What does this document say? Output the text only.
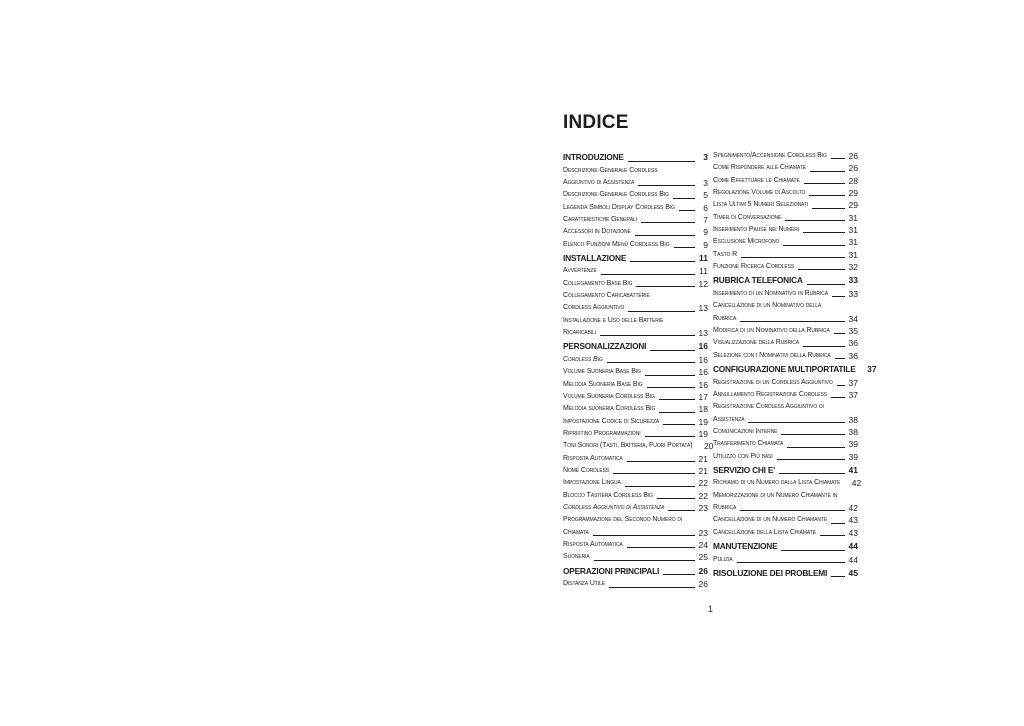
INDICE
INTRODUZIONE	3
Descrizione Generale Cordless
Aggiuntivo di Assistenza	3
Descrizione Generale Cordless Big	5
Legenda Simboli Display Cordless Big	6
Caratteristiche Generali	7
Accessori in Dotazione	9
Elenco Funzioni Menù Cordless Big	9
INSTALLAZIONE	11
Avvertenze	11
Collegamento Base Big	12
Collegamento Caricabatterie
Cordless Aggiuntivo	13
Installazione e Uso delle Batterie
Ricaricabili	13
PERSONALIZZAZIONI	16
Cordless Big	16
Volume Suoneria Base Big	16
Melodia Suoneria Base Big	16
Volume Suoneria Cordless Big	17
Melodia suoneria Cordless Big	18
Impostazione Codice di Sicurezza	19
Ripristino Programmazioni	19
Toni Sonori (Tasti, Batteria, Fuori Portata) 20
Risposta Automatica	21
Nome Cordless	21
Impostazione Lingua	22
Blocco Tastiera Cordless Big	22
Cordless Aggiuntivo di Assistenza	23
Programmazione del Secondo Numero di
Chiamata	23
Risposta Automatica	24
Suoneria	25
OPERAZIONI PRINCIPALI	26
Distanza Utile	26
Spegnimento/Accensione Cordless Big	26
Come Rispondere alle Chiamate	26
Come Effettuare le Chiamate	28
Regolazione Volume di Ascolto	29
Lista Ultimi 5 Numeri Selezionati	29
Timer di Conversazione	31
Inserimento Pause nei Numeri	31
Esclusione Microfono	31
Tasto R	31
Funzione Ricerca Cordless	32
RUBRICA TELEFONICA	33
Inserimento di un Nominativo in Rubrica 33
Cancellazione di un Nominativo della
Rubrica	34
Modifica di un Nominativo della Rubrica 35
Visualizzazione della Rubrica	36
Selezione con i Nominativi della Rubrica 36
CONFIGURAZIONE MULTIPORTATILE 37
Registrazione di un Cordless Aggiuntivo 37
Annullamento Registrazione Cordless	37
Registrazione Cordless Aggiuntivo di
Assistenza	38
Comunicazioni Interne	38
Trasferimento Chiamata	39
Utilizzo con Più basi	39
SERVIZIO CHI E'	41
Richiamo di un Numero dalla Lista Chiamate 42
Memorizzazione di un Numero Chiamante in
Rubrica	42
Cancellazione di un Numero Chiamante	43
Cancellazione della Lista Chiamate	43
MANUTENZIONE	44
Pulizia	44
RISOLUZIONE DEI PROBLEMI	45
1
